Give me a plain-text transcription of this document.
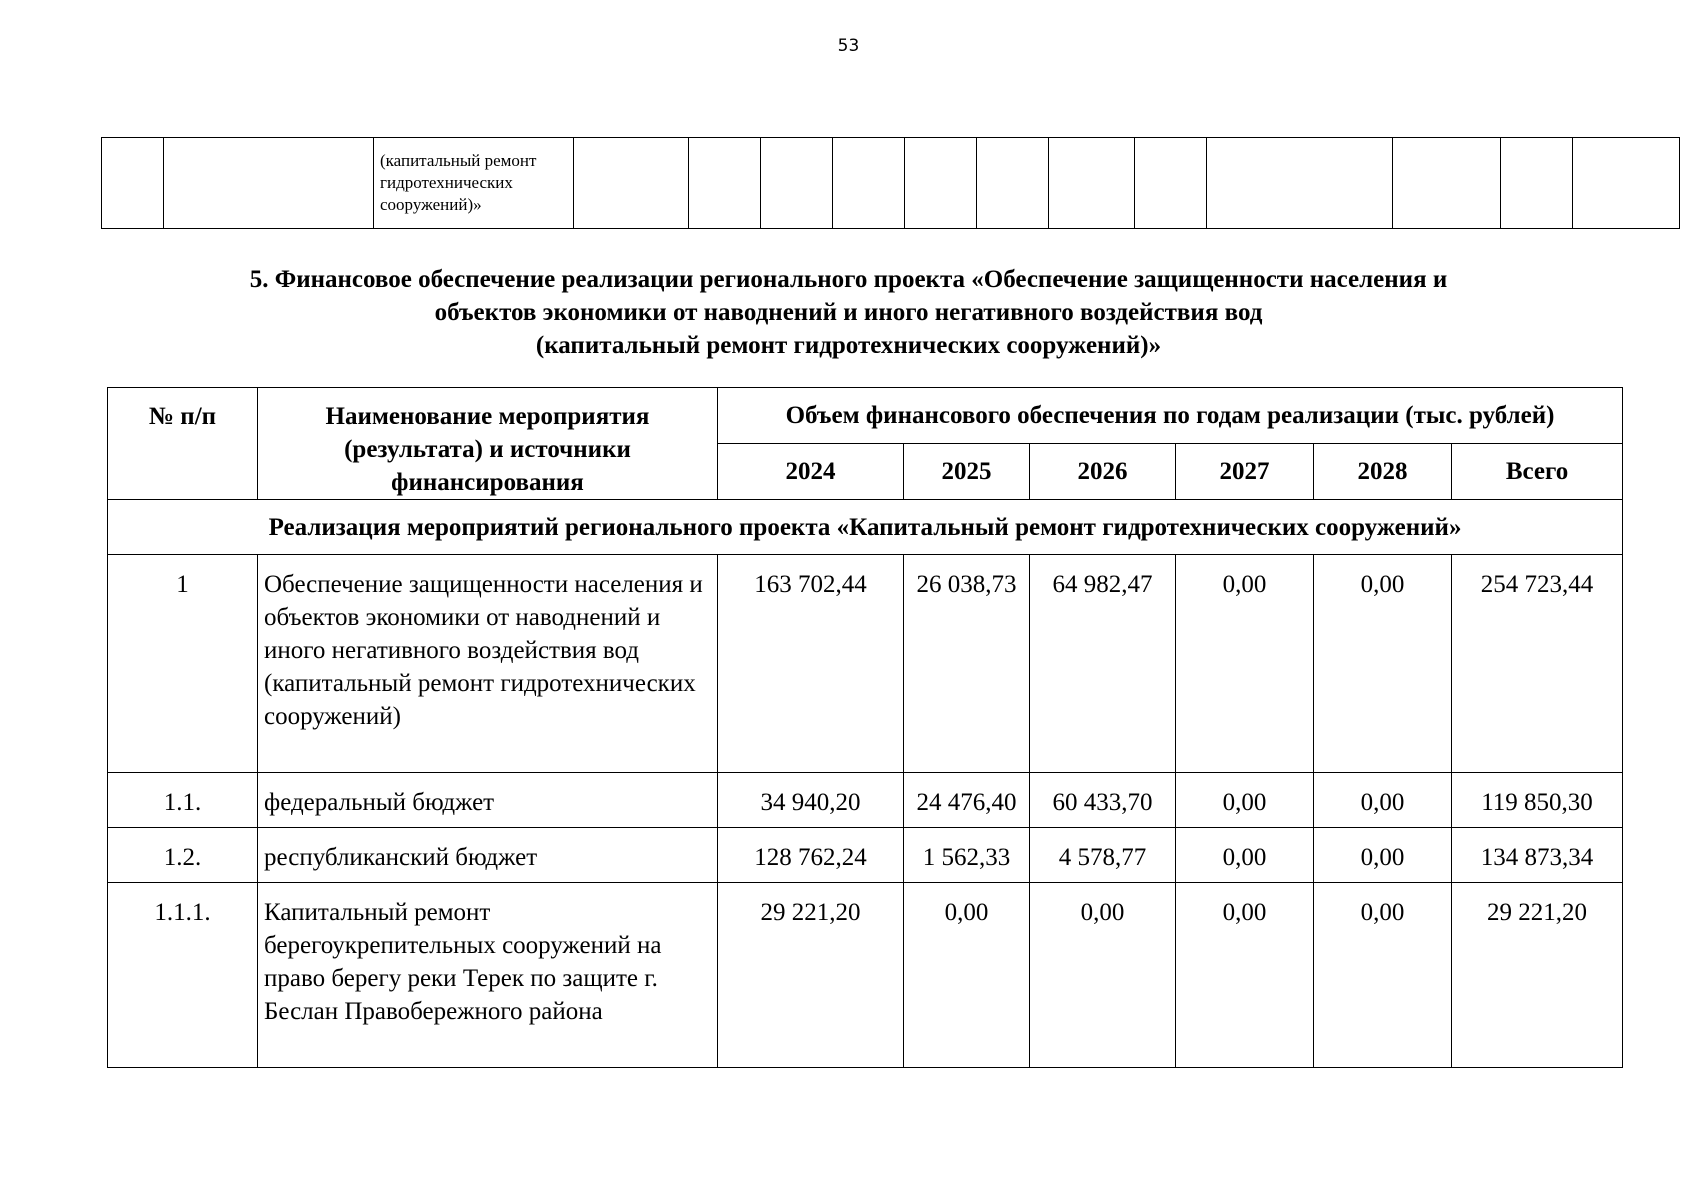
53
		(капитальный ремонт гидротехнических сооружений)»												
5. Финансовое обеспечение реализации регионального проекта «Обеспечение защищенности населения и
объектов экономики от наводнений и иного негативного воздействия вод
(капитальный ремонт гидротехнических сооружений)»
№ п/п	Наименование мероприятия (результата) и источники финансирования	Объем финансового обеспечения по годам реализации (тыс. рублей)					
		2024	2025	2026	2027	2028	Всего
Реализация мероприятий регионального проекта «Капитальный ремонт гидротехнических сооружений»							
1	Обеспечение защищенности населения и объектов экономики от наводнений и иного негативного воздействия вод (капитальный ремонт гидротехнических сооружений)	163 702,44	26 038,73	64 982,47	0,00	0,00	254 723,44
1.1.	федеральный бюджет	34 940,20	24 476,40	60 433,70	0,00	0,00	119 850,30
1.2.	республиканский бюджет	128 762,24	1 562,33	4 578,77	0,00	0,00	134 873,34
1.1.1.	Капитальный ремонт берегоукрепительных сооружений на право берегу реки Терек по защите г. Беслан Правобережного района	29 221,20	0,00	0,00	0,00	0,00	29 221,20
